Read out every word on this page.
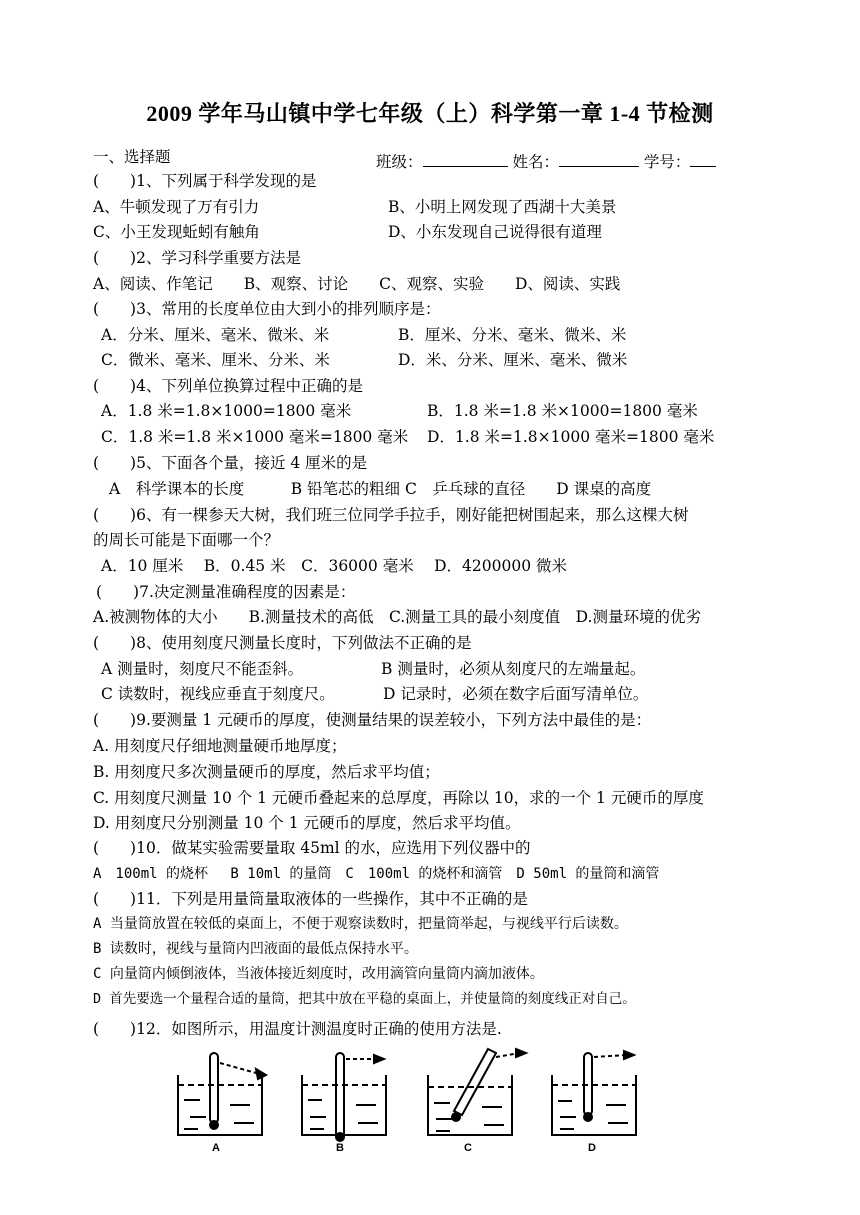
2009 学年马山镇中学七年级（上）科学第一章 1-4 节检测
一、选择题	班级：	姓名：	学号：
(　　)1、下列属于科学发现的是
A、牛顿发现了万有引力	B、小明上网发现了西湖十大美景
C、小王发现蚯蚓有触角	D、小东发现自己说得很有道理
(　　)2、学习科学重要方法是
A、阅读、作笔记　　B、观察、讨论　　C、观察、实验　　D、阅读、实践
(　　)3、常用的长度单位由大到小的排列顺序是：
A．分米、厘米、毫米、微米、米	B．厘米、分米、毫米、微米、米
C．微米、毫米、厘米、分米、米	D．米、分米、厘米、毫米、微米
(　　)4、下列单位换算过程中正确的是
A．1.8 米=1.8×1000=1800 毫米	B．1.8 米=1.8 米×1000=1800 毫米
C．1.8 米=1.8 米×1000 毫米=1800 毫米 D．1.8 米=1.8×1000 毫米=1800 毫米
(　　)5、下面各个量，接近 4 厘米的是
A　科学课本的长度　　　B 铅笔芯的粗细 C　乒乓球的直径　　D 课桌的高度
(　　)6、有一棵参天大树，我们班三位同学手拉手，刚好能把树围起来，那么这棵大树
的周长可能是下面哪一个？
A．10 厘米　 B．0.45 米　C．36000 毫米　 D．4200000 微米
(　　)7.决定测量准确程度的因素是：
A.被测物体的大小　　B.测量技术的高低　C.测量工具的最小刻度值　D.测量环境的优劣
(　　)8、使用刻度尺测量长度时，下列做法不正确的是
A 测量时，刻度尺不能歪斜。	B 测量时，必须从刻度尺的左端量起。
C 读数时，视线应垂直于刻度尺。	D 记录时，必须在数字后面写清单位。
(　　)9.要测量 1 元硬币的厚度，使测量结果的误差较小，下列方法中最佳的是：
A. 用刻度尺仔细地测量硬币地厚度；
B. 用刻度尺多次测量硬币的厚度，然后求平均值；
C. 用刻度尺测量 10 个 1 元硬币叠起来的总厚度，再除以 10，求的一个 1 元硬币的厚度
D. 用刻度尺分别测量 10 个 1 元硬币的厚度，然后求平均值。
(　　)10．做某实验需要量取 45ml 的水，应选用下列仪器中的
A　100ml 的烧杯　 B 10ml 的量筒　C　100ml 的烧杯和滴管　D 50ml 的量筒和滴管
(　　)11．下列是用量筒量取液体的一些操作，其中不正确的是
A 当量筒放置在较低的桌面上，不便于观察读数时，把量筒举起，与视线平行后读数。
B 读数时，视线与量筒内凹液面的最低点保持水平。
C 向量筒内倾倒液体，当液体接近刻度时，改用滴管向量筒内滴加液体。
D 首先要选一个量程合适的量筒，把其中放在平稳的桌面上，并使量筒的刻度线正对自己。
(　　)12．如图所示，用温度计测温度时正确的使用方法是.
A	B	C	D
